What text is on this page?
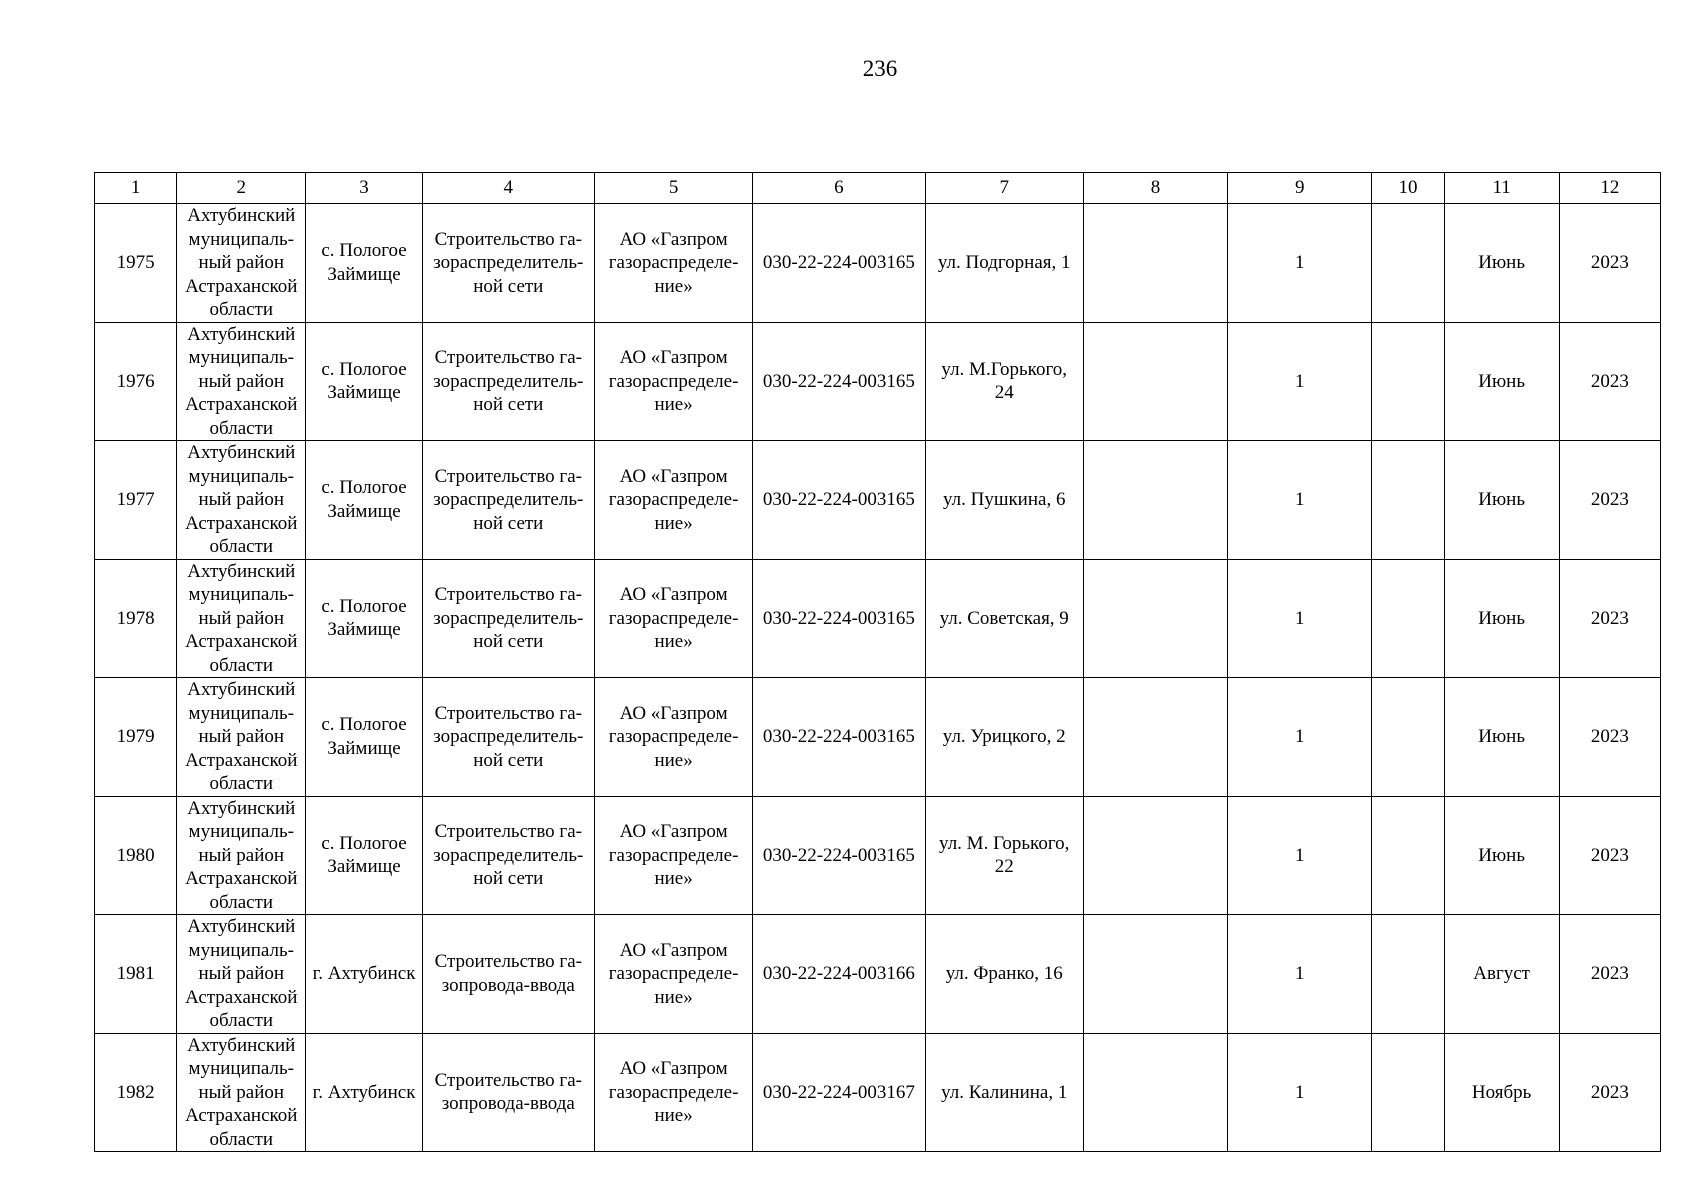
236
1	2	3	4	5	6	7	8	9	10	11	12
1975	Ахтубинский
муниципаль-
ный район
Астраханской
области	с. Пологое
Займище	Строительство га-
зораспределитель-
ной сети	АО «Газпром
газораспределе-
ние»	030-22-224-003165	ул. Подгорная, 1		1		Июнь	2023
1976	Ахтубинский
муниципаль-
ный район
Астраханской
области	с. Пологое
Займище	Строительство га-
зораспределитель-
ной сети	АО «Газпром
газораспределе-
ние»	030-22-224-003165	ул. М.Горького,
24		1		Июнь	2023
1977	Ахтубинский
муниципаль-
ный район
Астраханской
области	с. Пологое
Займище	Строительство га-
зораспределитель-
ной сети	АО «Газпром
газораспределе-
ние»	030-22-224-003165	ул. Пушкина, 6		1		Июнь	2023
1978	Ахтубинский
муниципаль-
ный район
Астраханской
области	с. Пологое
Займище	Строительство га-
зораспределитель-
ной сети	АО «Газпром
газораспределе-
ние»	030-22-224-003165	ул. Советская, 9		1		Июнь	2023
1979	Ахтубинский
муниципаль-
ный район
Астраханской
области	с. Пологое
Займище	Строительство га-
зораспределитель-
ной сети	АО «Газпром
газораспределе-
ние»	030-22-224-003165	ул. Урицкого, 2		1		Июнь	2023
1980	Ахтубинский
муниципаль-
ный район
Астраханской
области	с. Пологое
Займище	Строительство га-
зораспределитель-
ной сети	АО «Газпром
газораспределе-
ние»	030-22-224-003165	ул. М. Горького,
22		1		Июнь	2023
1981	Ахтубинский
муниципаль-
ный район
Астраханской
области	г. Ахтубинск	Строительство га-
зопровода-ввода	АО «Газпром
газораспределе-
ние»	030-22-224-003166	ул. Франко, 16		1		Август	2023
1982	Ахтубинский
муниципаль-
ный район
Астраханской
области	г. Ахтубинск	Строительство га-
зопровода-ввода	АО «Газпром
газораспределе-
ние»	030-22-224-003167	ул. Калинина, 1		1		Ноябрь	2023
